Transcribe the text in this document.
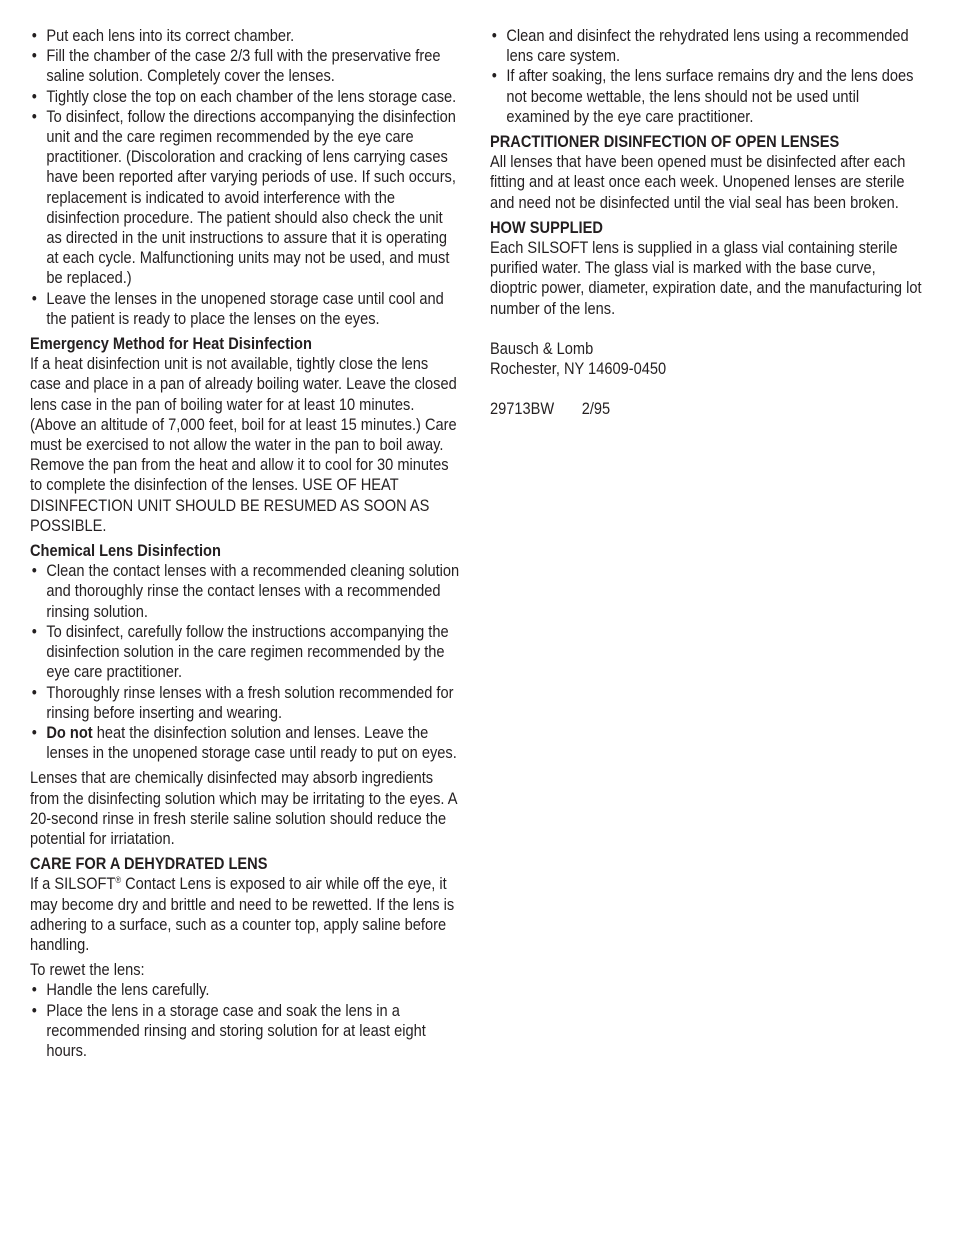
• Put each lens into its correct chamber.
• Fill the chamber of the case 2/3 full with the preservative free saline solution. Completely cover the lenses.
• Tightly close the top on each chamber of the lens storage case.
• To disinfect, follow the directions accompanying the disinfection unit and the care regimen recommended by the eye care practitioner. (Discoloration and cracking of lens carrying cases have been reported after varying periods of use. If such occurs, replacement is indicated to avoid interference with the disinfection procedure. The patient should also check the unit as directed in the unit instructions to assure that it is operating at each cycle. Malfunctioning units may not be used, and must be replaced.)
• Leave the lenses in the unopened storage case until cool and the patient is ready to place the lenses on the eyes.
Emergency Method for Heat Disinfection

If a heat disinfection unit is not available, tightly close the lens case and place in a pan of already boiling water. Leave the closed lens case in the pan of boiling water for at least 10 minutes. (Above an altitude of 7,000 feet, boil for at least 15 minutes.) Care must be exercised to not allow the water in the pan to boil away. Remove the pan from the heat and allow it to cool for 30 minutes to complete the disinfection of the lenses. USE OF HEAT DISINFECTION UNIT SHOULD BE RESUMED AS SOON AS POSSIBLE.

Chemical Lens Disinfection
• Clean the contact lenses with a recommended cleaning solution and thoroughly rinse the contact lenses with a recommended rinsing solution.
• To disinfect, carefully follow the instructions accompanying the disinfection solution in the care regimen recommended by the eye care practitioner.
• Thoroughly rinse lenses with a fresh solution recommended for rinsing before inserting and wearing.
• Do not heat the disinfection solution and lenses. Leave the lenses in the unopened storage case until ready to put on eyes.

Lenses that are chemically disinfected may absorb ingredients from the disinfecting solution which may be irritating to the eyes. A 20-second rinse in fresh sterile saline solution should reduce the potential for irriatation.

CARE FOR A DEHYDRATED LENS

If a SILSOFT® Contact Lens is exposed to air while off the eye, it may become dry and brittle and need to be rewetted. If the lens is adhering to a surface, such as a counter top, apply saline before handling.

To rewet the lens:

• Handle the lens carefully.
• Place the lens in a storage case and soak the lens in a recommended rinsing and storing solution for at least eight hours.
• Clean and disinfect the rehydrated lens using a recommended lens care system.
• If after soaking, the lens surface remains dry and the lens does not become wettable, the lens should not be used until examined by the eye care practitioner.
PRACTITIONER DISINFECTION OF OPEN LENSES

All lenses that have been opened must be disinfected after each fitting and at least once each week. Unopened lenses are sterile and need not be disinfected until the vial seal has been broken.

HOW SUPPLIED

Each SILSOFT lens is supplied in a glass vial containing sterile purified water. The glass vial is marked with the base curve, dioptric power, diameter, expiration date, and the manufacturing lot number of the lens.

Bausch & Lomb

Rochester, NY 14609-0450

29713BW 2/95
